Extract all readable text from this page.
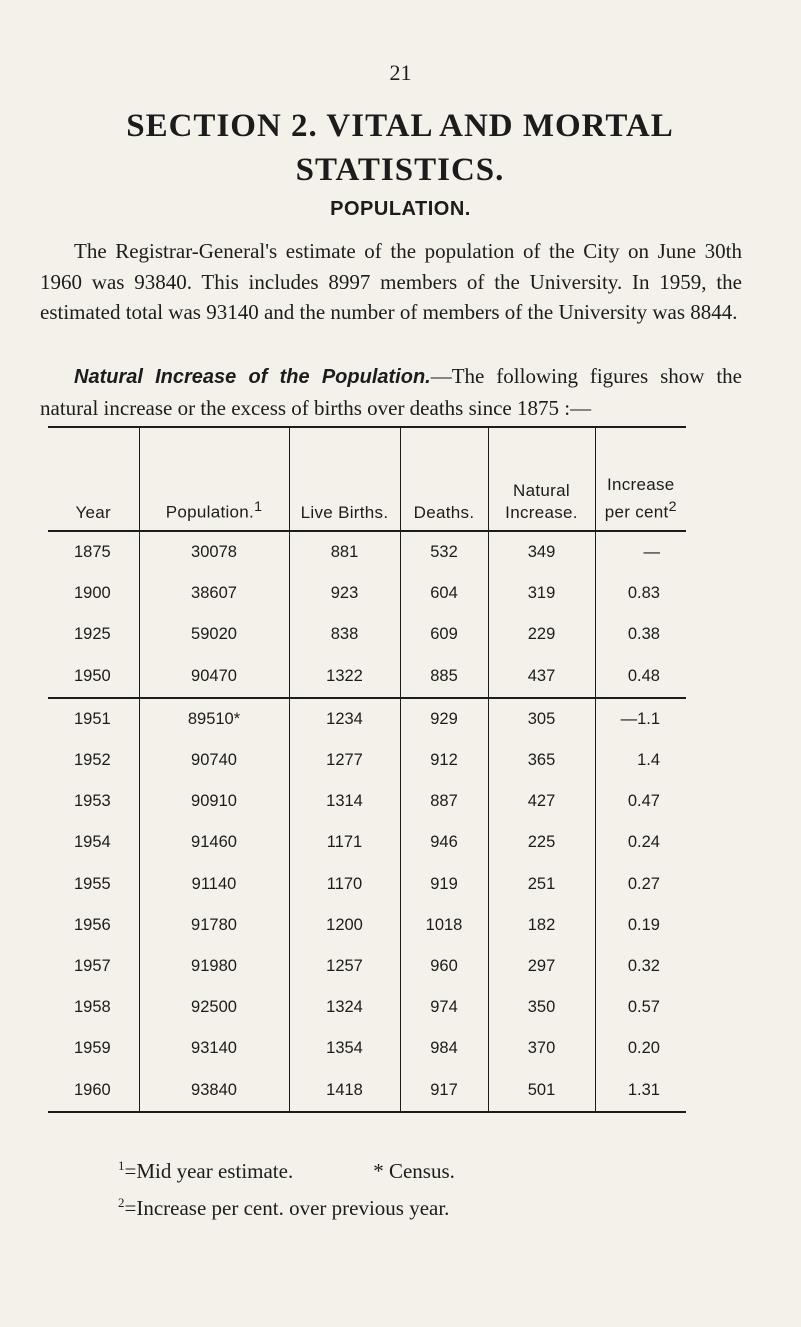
21
SECTION 2. VITAL AND MORTAL STATISTICS.
POPULATION.
The Registrar-General's estimate of the population of the City on June 30th 1960 was 93840. This includes 8997 members of the University. In 1959, the estimated total was 93140 and the number of members of the University was 8844.
Natural Increase of the Population.—The following figures show the natural increase or the excess of births over deaths since 1875 :—
Year	Population.$^1$	Live Births.	Deaths.	Natural Increase.	Increase per cent$^2$
1875	30078	881	532	349	—
1900	38607	923	604	319	0.83
1925	59020	838	609	229	0.38
1950	90470	1322	885	437	0.48
1951	89510*	1234	929	305	—1.1
1952	90740	1277	912	365	1.4
1953	90910	1314	887	427	0.47
1954	91460	1171	946	225	0.24
1955	91140	1170	919	251	0.27
1956	91780	1200	1018	182	0.19
1957	91980	1257	960	297	0.32
1958	92500	1324	974	350	0.57
1959	93140	1354	984	370	0.20
1960	93840	1418	917	501	1.31
$^1$=Mid year estimate.	* Census.
$^2$=Increase per cent. over previous year.
